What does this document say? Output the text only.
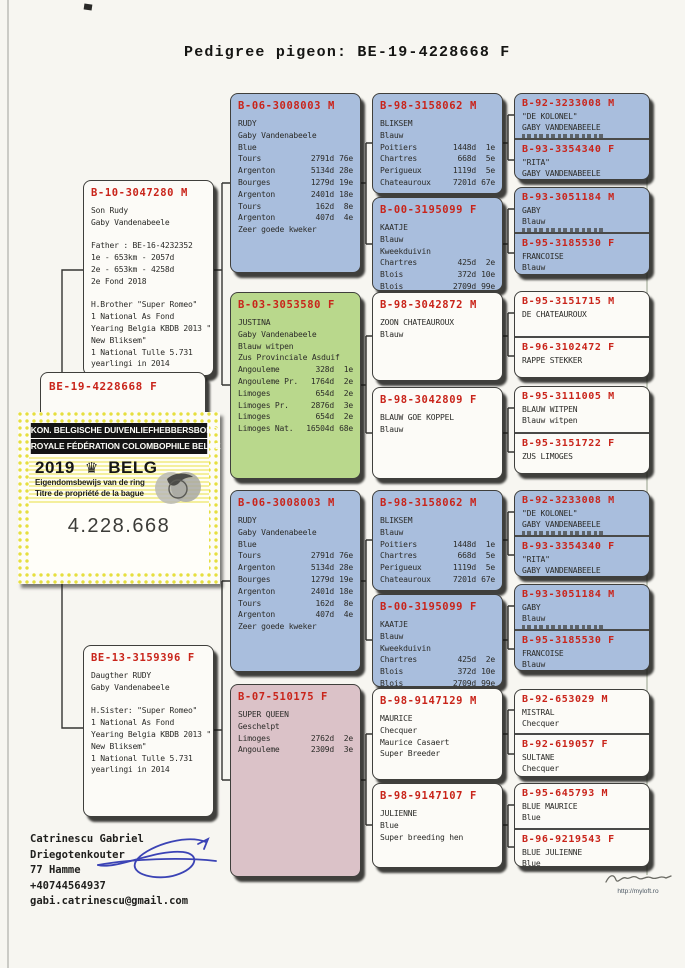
Pedigree pigeon: BE-19-4228668 F
B-10-3047280 M
Son Rudy
Gaby Vandenabeele
Father : BE-16-4232352
1e - 653km - 2057d
2e - 653km - 4258d
2e Fond 2018
H.Brother "Super Romeo"
1 National As Fond
Yearing Belgia KBDB 2013 "
New Bliksem"
1 National Tulle 5.731
yearlingi in 2014
BE-13-3159396 F
Daugther RUDY
Gaby Vandenabeele
H.Sister: "Super Romeo"
1 National As Fond
Yearing Belgia KBDB 2013 "
New Bliksem"
1 National Tulle 5.731
yearlingi in 2014
BE-19-4228668 F
KON. BELGISCHE DUIVENLIEFHEBBERSBOND
ROYALE FÉDÉRATION COLOMBOPHILE BELGE
2019 ♛ BELG
Eigendomsbewijs van de ring
Titre de propriété de la bague
4.228.668
B-06-3008003 M
RUDY
Gaby Vandenabeele
Blue
Tours	2791d 76e
Argenton	5134d 28e
Bourges	1279d 19e
Argenton	2401d 18e
Tours	162d	8e
Argenton	407d	4e
Zeer goede kweker
B-03-3053580 F
JUSTINA
Gaby Vandenabeele
Blauw witpen
Zus Provinciale Asduif
Angouleme	328d	1e
Angouleme Pr.	1764d	2e
Limoges	654d	2e
Limoges Pr.	2876d	3e
Limoges	654d	2e
Limoges Nat.	16504d 68e
B-06-3008003 M
RUDY
Gaby Vandenabeele
Blue
Tours	2791d 76e
Argenton	5134d 28e
Bourges	1279d 19e
Argenton	2401d 18e
Tours	162d	8e
Argenton	407d	4e
Zeer goede kweker
B-07-510175 F
SUPER QUEEN
Geschelpt
Limoges	2762d	2e
Angouleme	2309d	3e
B-98-3158062 M
BLIKSEM
Blauw
Poitiers	1448d	1e
Chartres	668d	5e
Perigueux	1119d	5e
Chateauroux	7201d 67e
B-00-3195099 F
KAATJE
Blauw
Kweekduivin
Chartres	425d	2e
Blois	372d 10e
Blois	2709d 99e
B-98-3042872 M
ZOON CHATEAUROUX
Blauw
B-98-3042809 F
BLAUW GOE KOPPEL
Blauw
B-98-3158062 M
BLIKSEM
Blauw
Poitiers	1448d	1e
Chartres	668d	5e
Perigueux	1119d	5e
Chateauroux	7201d 67e
B-00-3195099 F
KAATJE
Blauw
Kweekduivin
Chartres	425d	2e
Blois	372d 10e
Blois	2709d 99e
B-98-9147129 M
MAURICE
Checquer
Maurice Casaert
Super Breeder
B-98-9147107 F
JULIENNE
Blue
Super breeding hen
B-92-3233008 M
"DE KOLONEL"
GABY VANDENABEELE
B-93-3354340 F
"RITA"
GABY VANDENABEELE
B-93-3051184 M
GABY
Blauw
B-95-3185530 F
FRANCOISE
Blauw
B-95-3151715 M
DE CHATEAUROUX
B-96-3102472 F
RAPPE STEKKER
B-95-3111005 M
BLAUW WITPEN
Blauw witpen
B-95-3151722 F
ZUS LIMOGES
B-92-3233008 M
"DE KOLONEL"
GABY VANDENABEELE
B-93-3354340 F
"RITA"
GABY VANDENABEELE
B-93-3051184 M
GABY
Blauw
B-95-3185530 F
FRANCOISE
Blauw
B-92-653029 M
MISTRAL
Checquer
B-92-619057 F
SULTANE
Checquer
B-95-645793 M
BLUE MAURICE
Blue
B-96-9219543 F
BLUE JULIENNE
Blue
Catrinescu Gabriel
Driegotenkouter
77 Hamme
+40744564937
gabi.catrinescu@gmail.com
http://myloft.ro
